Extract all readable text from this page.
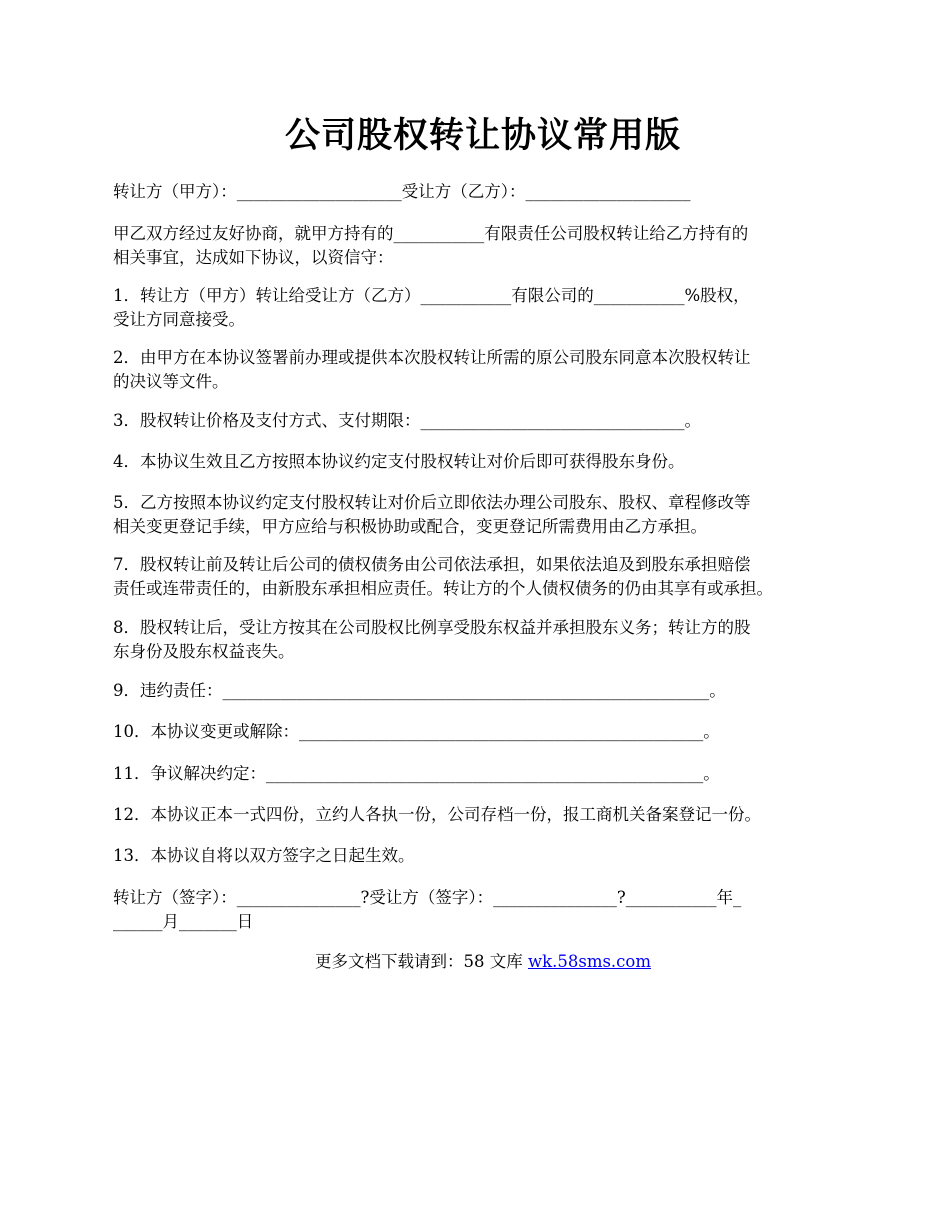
公司股权转让协议常用版
转让方（甲方）：____________________受让方（乙方）：____________________
甲乙双方经过友好协商，就甲方持有的___________有限责任公司股权转让给乙方持有的
相关事宜，达成如下协议，以资信守：
1．转让方（甲方）转让给受让方（乙方）___________有限公司的___________%股权，
受让方同意接受。
2．由甲方在本协议签署前办理或提供本次股权转让所需的原公司股东同意本次股权转让
的决议等文件。
3．股权转让价格及支付方式、支付期限：________________________________。
4．本协议生效且乙方按照本协议约定支付股权转让对价后即可获得股东身份。
5．乙方按照本协议约定支付股权转让对价后立即依法办理公司股东、股权、章程修改等
相关变更登记手续，甲方应给与积极协助或配合，变更登记所需费用由乙方承担。
7．股权转让前及转让后公司的债权债务由公司依法承担，如果依法追及到股东承担赔偿
责任或连带责任的，由新股东承担相应责任。转让方的个人债权债务的仍由其享有或承担。
8．股权转让后，受让方按其在公司股权比例享受股东权益并承担股东义务；转让方的股
东身份及股东权益丧失。
9．违约责任：___________________________________________________________。
10．本协议变更或解除：_________________________________________________。
11．争议解决约定：_____________________________________________________。
12．本协议正本一式四份，立约人各执一份，公司存档一份，报工商机关备案登记一份。
13．本协议自将以双方签字之日起生效。
转让方（签字）：_______________?受让方（签字）：_______________?___________年_
______月_______日
更多文档下载请到：58 文库 wk.58sms.com
